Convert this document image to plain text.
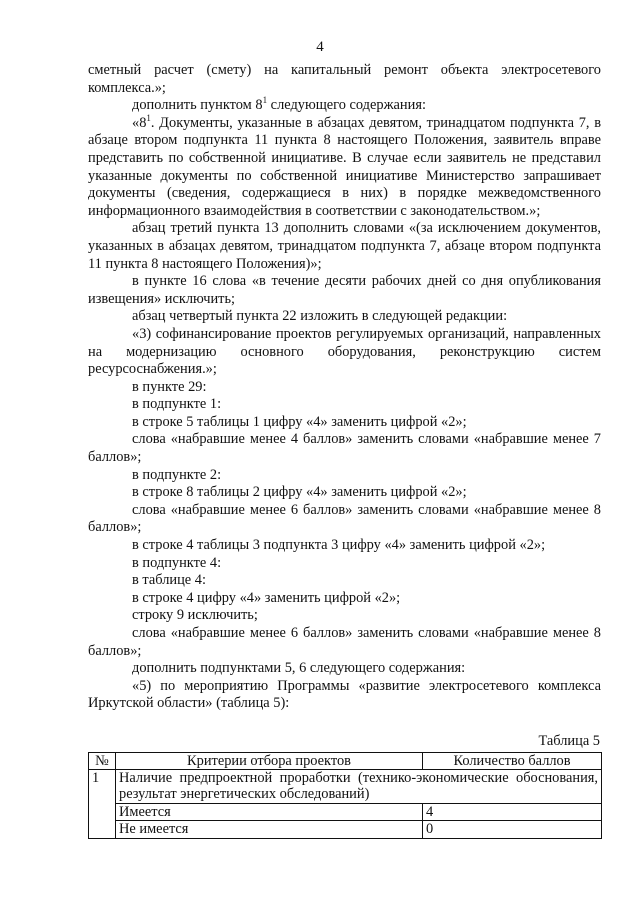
4

сметный расчет (смету) на капитальный ремонт объекта электросетевого комплекса.»;

дополнить пунктом $8^1$ следующего содержания:

«$8^1$. Документы, указанные в абзацах девятом, тринадцатом подпункта 7, в абзаце втором подпункта 11 пункта 8 настоящего Положения, заявитель вправе представить по собственной инициативе. В случае если заявитель не представил указанные документы по собственной инициативе Министерство запрашивает документы (сведения, содержащиеся в них) в порядке межведомственного информационного взаимодействия в соответствии с законодательством.»;

абзац третий пункта 13 дополнить словами «(за исключением документов, указанных в абзацах девятом, тринадцатом подпункта 7, абзаце втором подпункта 11 пункта 8 настоящего Положения)»;

в пункте 16 слова «в течение десяти рабочих дней со дня опубликования извещения» исключить;

абзац четвертый пункта 22 изложить в следующей редакции:

«3) софинансирование проектов регулируемых организаций, направленных на модернизацию основного оборудования, реконструкцию систем ресурсоснабжения.»;

в пункте 29:

в подпункте 1:

в строке 5 таблицы 1 цифру «4» заменить цифрой «2»;

слова «набравшие менее 4 баллов» заменить словами «набравшие менее 7 баллов»;

в подпункте 2:

в строке 8 таблицы 2 цифру «4» заменить цифрой «2»;

слова «набравшие менее 6 баллов» заменить словами «набравшие менее 8 баллов»;

в строке 4 таблицы 3 подпункта 3 цифру «4» заменить цифрой «2»;

в подпункте 4:

в таблице 4:

в строке 4 цифру «4» заменить цифрой «2»;

строку 9 исключить;

слова «набравшие менее 6 баллов» заменить словами «набравшие менее 8 баллов»;

дополнить подпунктами 5, 6 следующего содержания:

«5) по мероприятию Программы «развитие электросетевого комплекса Иркутской области» (таблица 5):

Таблица 5
№	Критерии отбора проектов	Количество баллов
1	Наличие предпроектной проработки (технико-экономические обоснования, результат энергетических обследований)	
	Имеется	4
	Не имеется	0
